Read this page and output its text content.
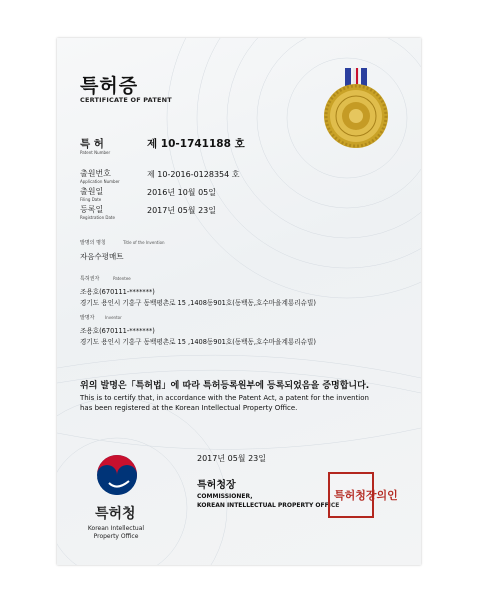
특허증
CERTIFICATE OF PATENT
특 허
Patent Number
제 10-1741188 호
출원번호
Application Number
제 10-2016-0128354 호
출원일
Filing Date
2016년 10월 05일
등록일
Registration Date
2017년 05월 23일
발명의 명칭	Title of the Invention
자음수평매트
특허권자	Patentee
조용호(670111-*******)
경기도 용인시 기흥구 동백평촌로 15 ,1408동901호(동백동,호수마을계룡리슈빌)
발명자	Inventor
조용호(670111-*******)
경기도 용인시 기흥구 동백평촌로 15 ,1408동901호(동백동,호수마을계룡리슈빌)
위의 발명은「특허법」에 따라 특허등록원부에 등록되었음을 증명합니다.
This is to certify that, in accordance with the Patent Act, a patent for the invention
has been registered at the Korean Intellectual Property Office.
특허청
Korean Intellectual Property Office
2017년 05월 23일
특허청장
COMMISSIONER,
KOREAN INTELLECTUAL PROPERTY OFFICE
특허청장의인
